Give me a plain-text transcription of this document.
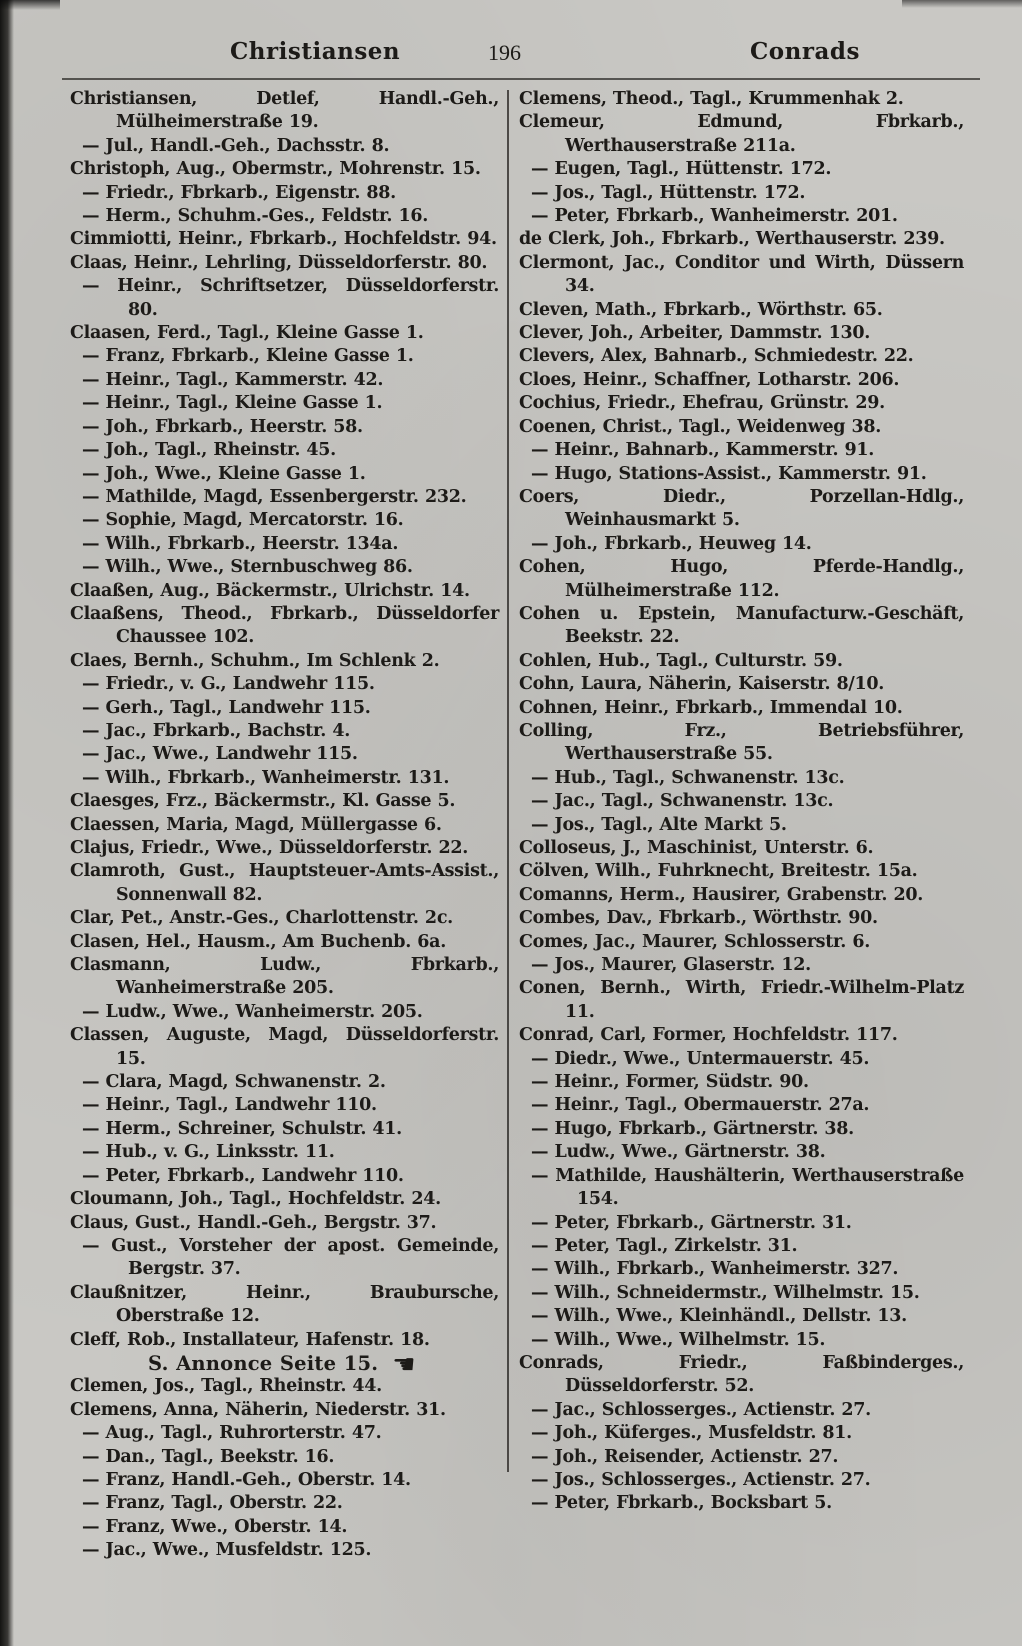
Christiansen	196	Conrads

Christiansen, Detlef, Handl.-Geh., Mülheimerstraße 19.

— Jul., Handl.-Geh., Dachsstr. 8.

Christoph, Aug., Obermstr., Mohrenstr. 15.

— Friedr., Fbrkarb., Eigenstr. 88.

— Herm., Schuhm.-Ges., Feldstr. 16.

Cimmiotti, Heinr., Fbrkarb., Hochfeldstr. 94.

Claas, Heinr., Lehrling, Düsseldorferstr. 80.

— Heinr., Schriftsetzer, Düsseldorferstr. 80.

Claasen, Ferd., Tagl., Kleine Gasse 1.

— Franz, Fbrkarb., Kleine Gasse 1.

— Heinr., Tagl., Kammerstr. 42.

— Heinr., Tagl., Kleine Gasse 1.

— Joh., Fbrkarb., Heerstr. 58.

— Joh., Tagl., Rheinstr. 45.

— Joh., Wwe., Kleine Gasse 1.

— Mathilde, Magd, Essenbergerstr. 232.

— Sophie, Magd, Mercatorstr. 16.

— Wilh., Fbrkarb., Heerstr. 134a.

— Wilh., Wwe., Sternbuschweg 86.

Claaßen, Aug., Bäckermstr., Ulrichstr. 14.

Claaßens, Theod., Fbrkarb., Düsseldorfer Chaussee 102.

Claes, Bernh., Schuhm., Im Schlenk 2.

— Friedr., v. G., Landwehr 115.

— Gerh., Tagl., Landwehr 115.

— Jac., Fbrkarb., Bachstr. 4.

— Jac., Wwe., Landwehr 115.

— Wilh., Fbrkarb., Wanheimerstr. 131.

Claesges, Frz., Bäckermstr., Kl. Gasse 5.

Claessen, Maria, Magd, Müllergasse 6.

Clajus, Friedr., Wwe., Düsseldorferstr. 22.

Clamroth, Gust., Hauptsteuer-Amts-Assist., Sonnenwall 82.

Clar, Pet., Anstr.-Ges., Charlottenstr. 2c.

Clasen, Hel., Hausm., Am Buchenb. 6a.

Clasmann, Ludw., Fbrkarb., Wanheimerstraße 205.

— Ludw., Wwe., Wanheimerstr. 205.

Classen, Auguste, Magd, Düsseldorferstr. 15.

— Clara, Magd, Schwanenstr. 2.

— Heinr., Tagl., Landwehr 110.

— Herm., Schreiner, Schulstr. 41.

— Hub., v. G., Linksstr. 11.

— Peter, Fbrkarb., Landwehr 110.

Cloumann, Joh., Tagl., Hochfeldstr. 24.

Claus, Gust., Handl.-Geh., Bergstr. 37.

— Gust., Vorsteher der apost. Gemeinde, Bergstr. 37.

Claußnitzer, Heinr., Braubursche, Oberstraße 12.

Cleff, Rob., Installateur, Hafenstr. 18.

S. Annonce Seite 15. ☚

Clemen, Jos., Tagl., Rheinstr. 44.

Clemens, Anna, Näherin, Niederstr. 31.

— Aug., Tagl., Ruhrorterstr. 47.

— Dan., Tagl., Beekstr. 16.

— Franz, Handl.-Geh., Oberstr. 14.

— Franz, Tagl., Oberstr. 22.

— Franz, Wwe., Oberstr. 14.

— Jac., Wwe., Musfeldstr. 125.

Clemens, Theod., Tagl., Krummenhak 2.

Clemeur, Edmund, Fbrkarb., Werthauserstraße 211a.

— Eugen, Tagl., Hüttenstr. 172.

— Jos., Tagl., Hüttenstr. 172.

— Peter, Fbrkarb., Wanheimerstr. 201.

de Clerk, Joh., Fbrkarb., Werthauserstr. 239.

Clermont, Jac., Conditor und Wirth, Düssern 34.

Cleven, Math., Fbrkarb., Wörthstr. 65.

Clever, Joh., Arbeiter, Dammstr. 130.

Clevers, Alex, Bahnarb., Schmiedestr. 22.

Cloes, Heinr., Schaffner, Lotharstr. 206.

Cochius, Friedr., Ehefrau, Grünstr. 29.

Coenen, Christ., Tagl., Weidenweg 38.

— Heinr., Bahnarb., Kammerstr. 91.

— Hugo, Stations-Assist., Kammerstr. 91.

Coers, Diedr., Porzellan-Hdlg., Weinhausmarkt 5.

— Joh., Fbrkarb., Heuweg 14.

Cohen, Hugo, Pferde-Handlg., Mülheimerstraße 112.

Cohen u. Epstein, Manufacturw.-Geschäft, Beekstr. 22.

Cohlen, Hub., Tagl., Culturstr. 59.

Cohn, Laura, Näherin, Kaiserstr. 8/10.

Cohnen, Heinr., Fbrkarb., Immendal 10.

Colling, Frz., Betriebsführer, Werthauserstraße 55.

— Hub., Tagl., Schwanenstr. 13c.

— Jac., Tagl., Schwanenstr. 13c.

— Jos., Tagl., Alte Markt 5.

Colloseus, J., Maschinist, Unterstr. 6.

Cölven, Wilh., Fuhrknecht, Breitestr. 15a.

Comanns, Herm., Hausirer, Grabenstr. 20.

Combes, Dav., Fbrkarb., Wörthstr. 90.

Comes, Jac., Maurer, Schlosserstr. 6.

— Jos., Maurer, Glaserstr. 12.

Conen, Bernh., Wirth, Friedr.-Wilhelm-Platz 11.

Conrad, Carl, Former, Hochfeldstr. 117.

— Diedr., Wwe., Untermauerstr. 45.

— Heinr., Former, Südstr. 90.

— Heinr., Tagl., Obermauerstr. 27a.

— Hugo, Fbrkarb., Gärtnerstr. 38.

— Ludw., Wwe., Gärtnerstr. 38.

— Mathilde, Haushälterin, Werthauserstraße 154.

— Peter, Fbrkarb., Gärtnerstr. 31.

— Peter, Tagl., Zirkelstr. 31.

— Wilh., Fbrkarb., Wanheimerstr. 327.

— Wilh., Schneidermstr., Wilhelmstr. 15.

— Wilh., Wwe., Kleinhändl., Dellstr. 13.

— Wilh., Wwe., Wilhelmstr. 15.

Conrads, Friedr., Faßbinderges., Düsseldorferstr. 52.

— Jac., Schlosserges., Actienstr. 27.

— Joh., Küferges., Musfeldstr. 81.

— Joh., Reisender, Actienstr. 27.

— Jos., Schlosserges., Actienstr. 27.

— Peter, Fbrkarb., Bocksbart 5.
